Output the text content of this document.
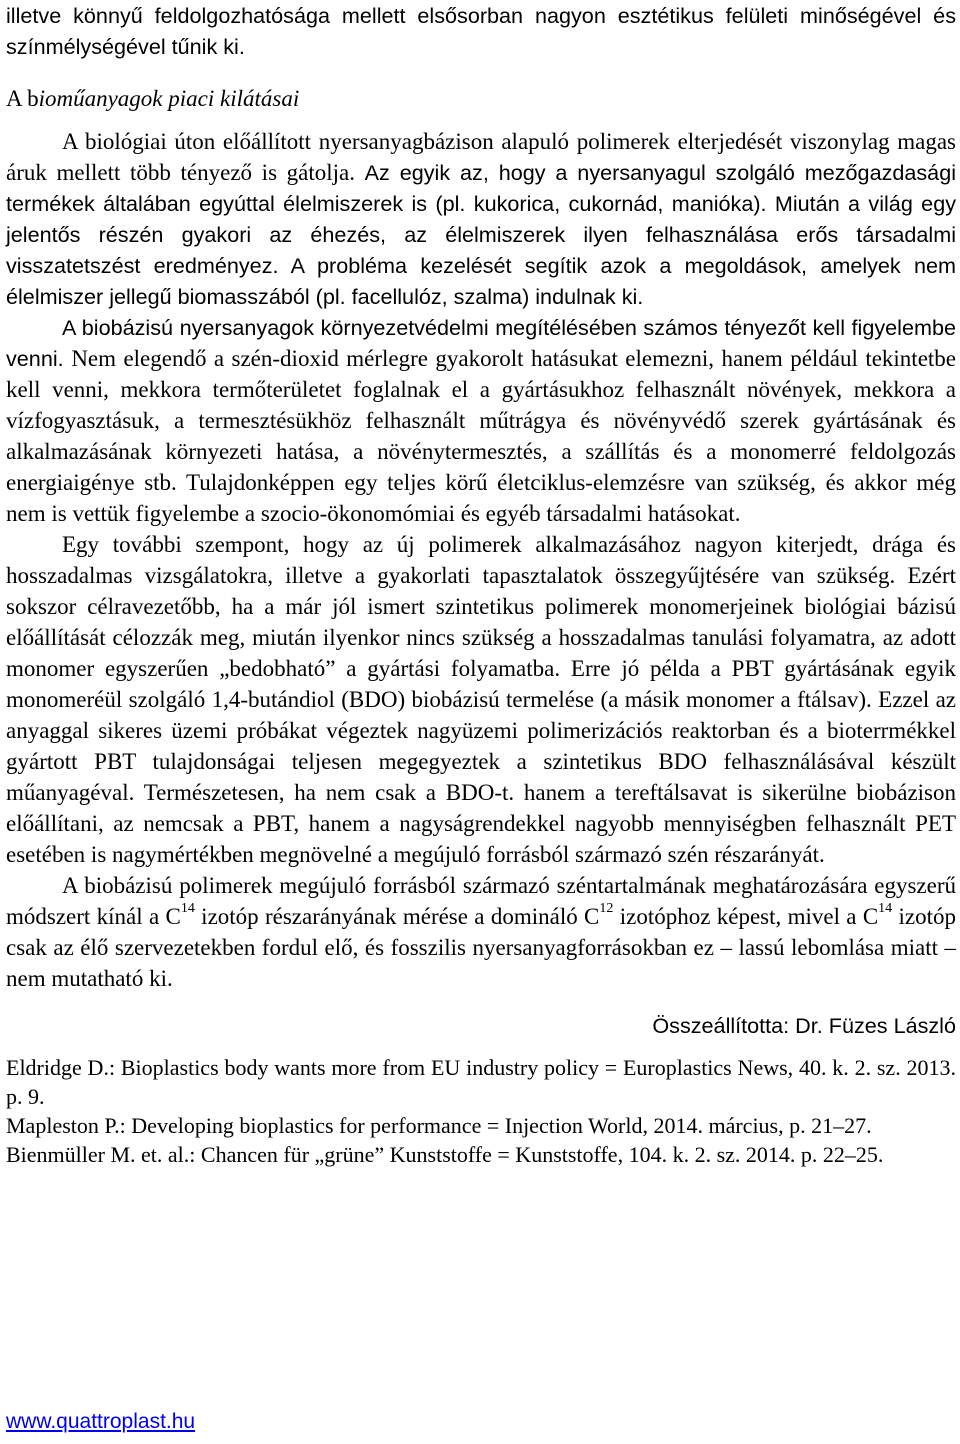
illetve könnyű feldolgozhatósága mellett elsősorban nagyon esztétikus felületi minőségével és színmélységével tűnik ki.

A bioműanyagok piaci kilátásai

A biológiai úton előállított nyersanyagbázison alapuló polimerek elterjedését viszonylag magas áruk mellett több tényező is gátolja. Az egyik az, hogy a nyersanyagul szolgáló mezőgazdasági termékek általában egyúttal élelmiszerek is (pl. kukorica, cukornád, manióka). Miután a világ egy jelentős részén gyakori az éhezés, az élelmiszerek ilyen felhasználása erős társadalmi visszatetszést eredményez. A probléma kezelését segítik azok a megoldások, amelyek nem élelmiszer jellegű biomasszából (pl. facellulóz, szalma) indulnak ki.

A biobázisú nyersanyagok környezetvédelmi megítélésében számos tényezőt kell figyelembe venni. Nem elegendő a szén-dioxid mérlegre gyakorolt hatásukat elemezni, hanem például tekintetbe kell venni, mekkora termőterületet foglalnak el a gyártásukhoz felhasznált növények, mekkora a vízfogyasztásuk, a termesztésükhöz felhasznált műtrágya és növényvédő szerek gyártásának és alkalmazásának környezeti hatása, a növénytermesztés, a szállítás és a monomerré feldolgozás energiaigénye stb. Tulajdonképpen egy teljes körű életciklus-elemzésre van szükség, és akkor még nem is vettük figyelembe a szocio-ökonomómiai és egyéb társadalmi hatásokat.

Egy további szempont, hogy az új polimerek alkalmazásához nagyon kiterjedt, drága és hosszadalmas vizsgálatokra, illetve a gyakorlati tapasztalatok összegyűjtésére van szükség. Ezért sokszor célravezetőbb, ha a már jól ismert szintetikus polimerek monomerjeinek biológiai bázisú előállítását célozzák meg, miután ilyenkor nincs szükség a hosszadalmas tanulási folyamatra, az adott monomer egyszerűen „bedobható” a gyártási folyamatba. Erre jó példa a PBT gyártásának egyik monomeréül szolgáló 1,4-butándiol (BDO) biobázisú termelése (a másik monomer a ftálsav). Ezzel az anyaggal sikeres üzemi próbákat végeztek nagyüzemi polimerizációs reaktorban és a bioterrmékkel gyártott PBT tulajdonságai teljesen megegyeztek a szintetikus BDO felhasználásával készült műanyagéval. Természetesen, ha nem csak a BDO-t. hanem a tereftálsavat is sikerülne biobázison előállítani, az nemcsak a PBT, hanem a nagyságrendekkel nagyobb mennyiségben felhasznált PET esetében is nagymértékben megnövelné a megújuló forrásból származó szén részarányát.

A biobázisú polimerek megújuló forrásból származó széntartalmának meghatározására egyszerű módszert kínál a $C^{14}$ izotóp részarányának mérése a domináló $C^{12}$ izotóphoz képest, mivel a $C^{14}$ izotóp csak az élő szervezetekben fordul elő, és fosszilis nyersanyagforrásokban ez – lassú lebomlása miatt – nem mutatható ki.

Összeállította: Dr. Füzes László

Eldridge D.: Bioplastics body wants more from EU industry policy = Europlastics News, 40. k. 2. sz. 2013. p. 9.

Mapleston P.: Developing bioplastics for performance = Injection World, 2014. március, p. 21–27.

Bienmüller M. et. al.: Chancen für „grüne” Kunststoffe = Kunststoffe, 104. k. 2. sz. 2014. p. 22–25.

www.quattroplast.hu
